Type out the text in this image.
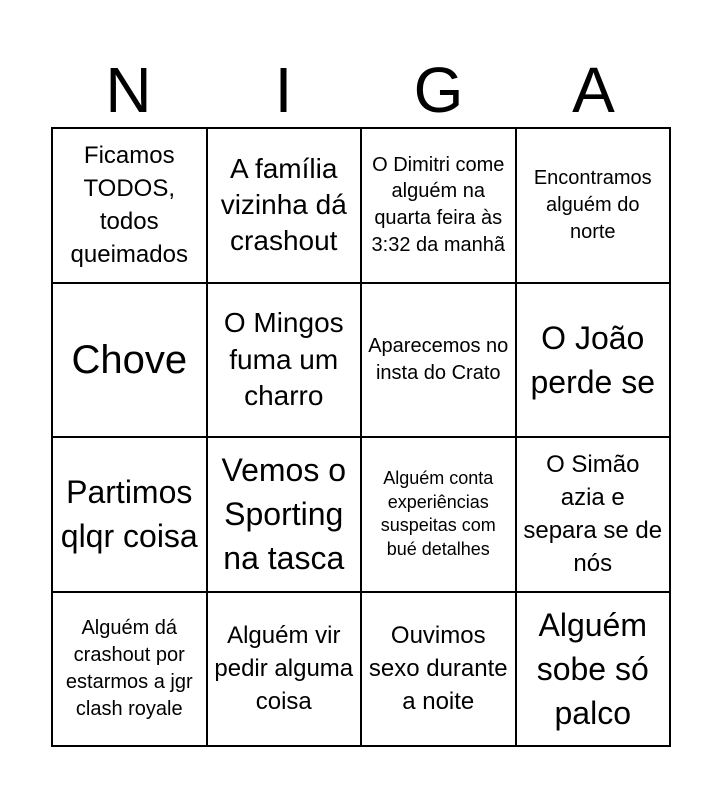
N	I	G	A
Ficamos TODOS, todos queimados
A família vizinha dá crashout
O Dimitri come alguém na quarta feira às 3:32 da manhã
Encontramos alguém do norte
Chove
O Mingos fuma um charro
Aparecemos no insta do Crato
O João perde se
Partimos qlqr coisa
Vemos o Sporting na tasca
Alguém conta experiências suspeitas com bué detalhes
O Simão azia e separa se de nós
Alguém dá crashout por estarmos a jgr clash royale
Alguém vir pedir alguma coisa
Ouvimos sexo durante a noite
Alguém sobe só palco
